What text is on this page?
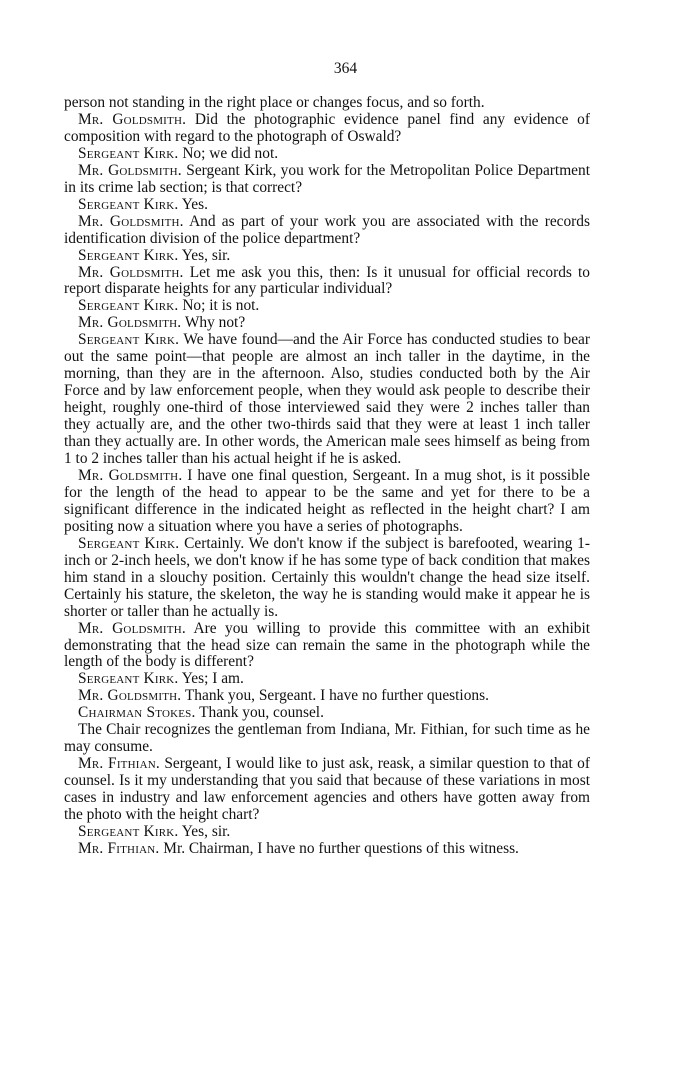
364

person not standing in the right place or changes focus, and so forth.

Mr. Goldsmith. Did the photographic evidence panel find any evidence of composition with regard to the photograph of Oswald?

Sergeant Kirk. No; we did not.

Mr. Goldsmith. Sergeant Kirk, you work for the Metropolitan Police Department in its crime lab section; is that correct?

Sergeant Kirk. Yes.

Mr. Goldsmith. And as part of your work you are associated with the records identification division of the police department?

Sergeant Kirk. Yes, sir.

Mr. Goldsmith. Let me ask you this, then: Is it unusual for official records to report disparate heights for any particular individual?

Sergeant Kirk. No; it is not.

Mr. Goldsmith. Why not?

Sergeant Kirk. We have found—and the Air Force has conducted studies to bear out the same point—that people are almost an inch taller in the daytime, in the morning, than they are in the afternoon. Also, studies conducted both by the Air Force and by law enforcement people, when they would ask people to describe their height, roughly one-third of those interviewed said they were 2 inches taller than they actually are, and the other two-thirds said that they were at least 1 inch taller than they actually are. In other words, the American male sees himself as being from 1 to 2 inches taller than his actual height if he is asked.

Mr. Goldsmith. I have one final question, Sergeant. In a mug shot, is it possible for the length of the head to appear to be the same and yet for there to be a significant difference in the indicated height as reflected in the height chart? I am positing now a situation where you have a series of photographs.

Sergeant Kirk. Certainly. We don't know if the subject is barefooted, wearing 1-inch or 2-inch heels, we don't know if he has some type of back condition that makes him stand in a slouchy position. Certainly this wouldn't change the head size itself. Certainly his stature, the skeleton, the way he is standing would make it appear he is shorter or taller than he actually is.

Mr. Goldsmith. Are you willing to provide this committee with an exhibit demonstrating that the head size can remain the same in the photograph while the length of the body is different?

Sergeant Kirk. Yes; I am.

Mr. Goldsmith. Thank you, Sergeant. I have no further questions.

Chairman Stokes. Thank you, counsel.

The Chair recognizes the gentleman from Indiana, Mr. Fithian, for such time as he may consume.

Mr. Fithian. Sergeant, I would like to just ask, reask, a similar question to that of counsel. Is it my understanding that you said that because of these variations in most cases in industry and law enforcement agencies and others have gotten away from the photo with the height chart?

Sergeant Kirk. Yes, sir.

Mr. Fithian. Mr. Chairman, I have no further questions of this witness.
